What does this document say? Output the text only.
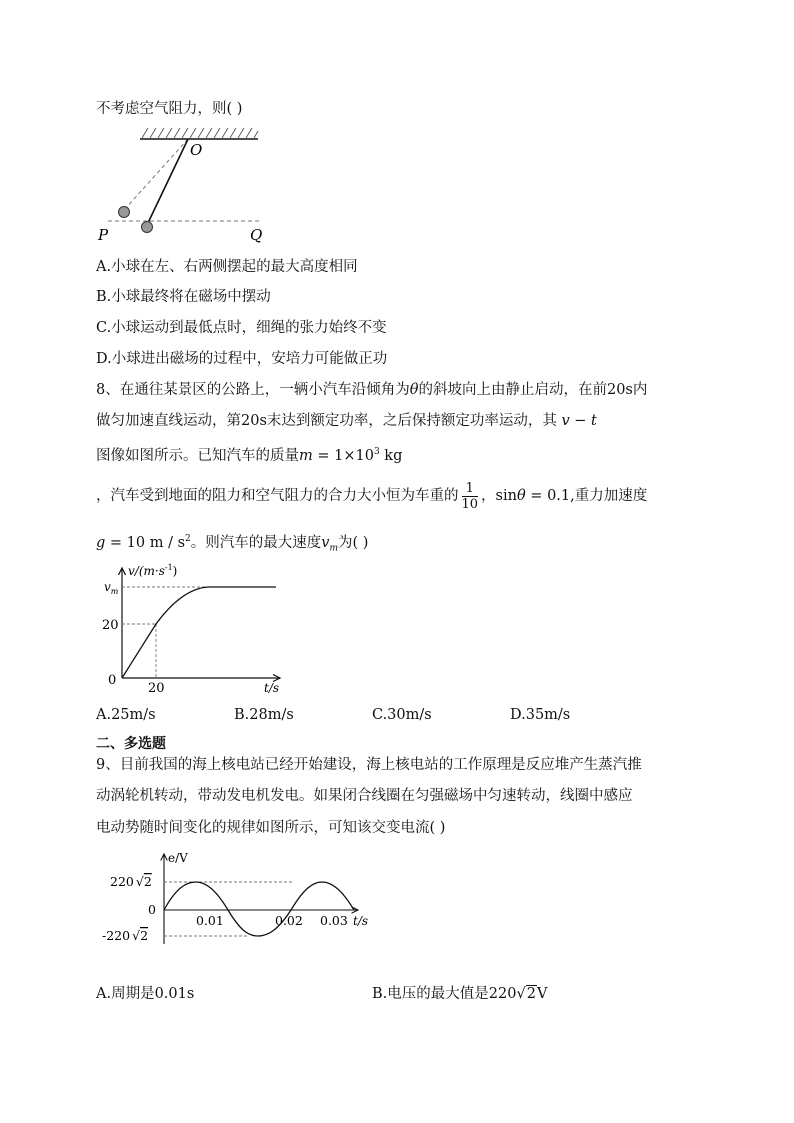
不考虑空气阻力，则( )
O
P	Q
A.小球在左、右两侧摆起的最大高度相同
B.小球最终将在磁场中摆动
C.小球运动到最低点时，细绳的张力始终不变
D.小球进出磁场的过程中，安培力可能做正功
8、在通往某景区的公路上，一辆小汽车沿倾角为θ的斜坡向上由静止启动，在前20s内
做匀加速直线运动，第20s末达到额定功率，之后保持额定功率运动，其 v − t
图像如图所示。已知汽车的质量$m = 1\times 10^3$ kg
，汽车受到地面的阻力和空气阻力的合力大小恒为车重的 $\frac{1}{10}$ ，sinθ = 0.1,重力加速度
g = 10 m / $s^2$。则汽车的最大速度$v_m$为( )
$v/(m\cdot s^{-1})$
$v_m$
20
0
20	t/s
A.25m/s	B.28m/s	C.30m/s	D.35m/s
二、多选题
9、目前我国的海上核电站已经开始建设，海上核电站的工作原理是反应堆产生蒸汽推
动涡轮机转动，带动发电机发电。如果闭合线圈在匀强磁场中匀速转动，线圈中感应
电动势随时间变化的规律如图所示，可知该交变电流( )
e/V
220 √2
0
-220 √2
0.01	0.02 0.03 t/s
A.周期是0.01s	B.电压的最大值是220√2V
